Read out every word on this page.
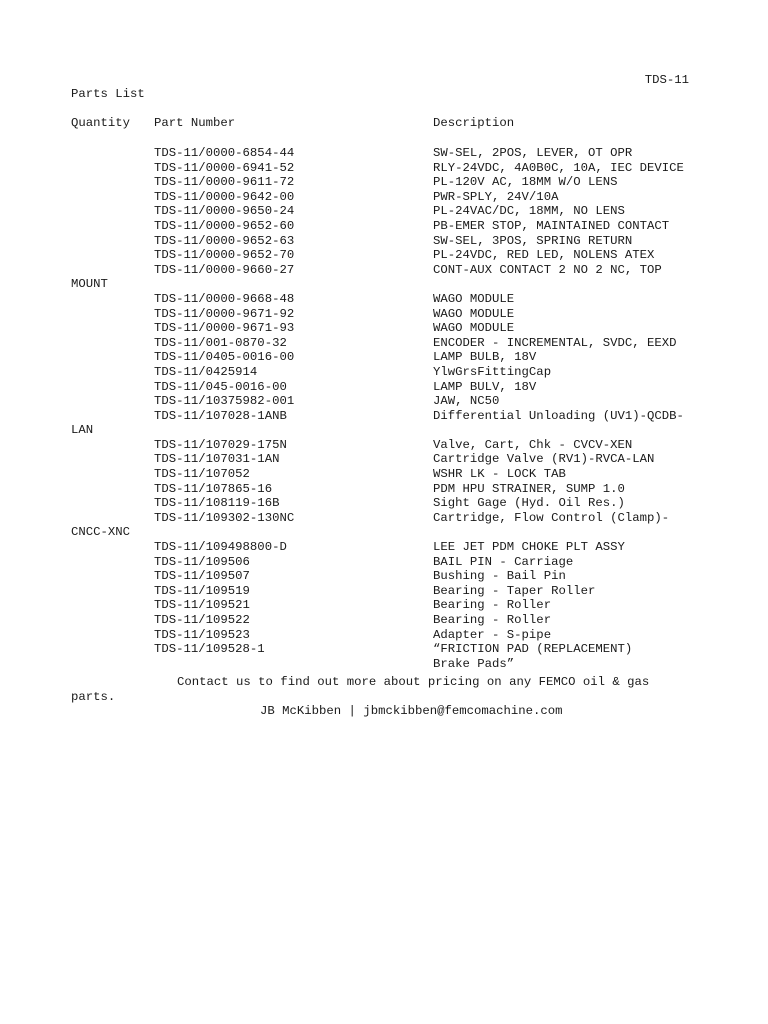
TDS-11
Parts List
Quantity Part Number	Description
TDS-11/0000-6854-44	SW-SEL, 2POS, LEVER, OT OPR
TDS-11/0000-6941-52	RLY-24VDC, 4A0B0C, 10A, IEC DEVICE
TDS-11/0000-9611-72	PL-120V AC, 18MM W/O LENS
TDS-11/0000-9642-00	PWR-SPLY, 24V/10A
TDS-11/0000-9650-24	PL-24VAC/DC, 18MM, NO LENS
TDS-11/0000-9652-60	PB-EMER STOP, MAINTAINED CONTACT
TDS-11/0000-9652-63	SW-SEL, 3POS, SPRING RETURN
TDS-11/0000-9652-70	PL-24VDC, RED LED, NOLENS ATEX
TDS-11/0000-9660-27	CONT-AUX CONTACT 2 NO 2 NC, TOP
MOUNT
TDS-11/0000-9668-48	WAGO MODULE
TDS-11/0000-9671-92	WAGO MODULE
TDS-11/0000-9671-93	WAGO MODULE
TDS-11/001-0870-32	ENCODER - INCREMENTAL, SVDC, EEXD
TDS-11/0405-0016-00	LAMP BULB, 18V
TDS-11/0425914	YlwGrsFittingCap
TDS-11/045-0016-00	LAMP BULV, 18V
TDS-11/10375982-001	JAW, NC50
TDS-11/107028-1ANB	Differential Unloading (UV1)-QCDB-
LAN
TDS-11/107029-175N	Valve, Cart, Chk - CVCV-XEN
TDS-11/107031-1AN	Cartridge Valve (RV1)-RVCA-LAN
TDS-11/107052	WSHR LK - LOCK TAB
TDS-11/107865-16	PDM HPU STRAINER, SUMP 1.0
TDS-11/108119-16B	Sight Gage (Hyd. Oil Res.)
TDS-11/109302-130NC	Cartridge, Flow Control (Clamp)-
CNCC-XNC
TDS-11/109498800-D	LEE JET PDM CHOKE PLT ASSY
TDS-11/109506	BAIL PIN - Carriage
TDS-11/109507	Bushing - Bail Pin
TDS-11/109519	Bearing - Taper Roller
TDS-11/109521	Bearing - Roller
TDS-11/109522	Bearing - Roller
TDS-11/109523	Adapter - S-pipe
TDS-11/109528-1	“FRICTION PAD (REPLACEMENT)
Brake Pads”
Contact us to find out more about pricing on any FEMCO oil & gas
parts.
JB McKibben | jbmckibben@femcomachine.com
